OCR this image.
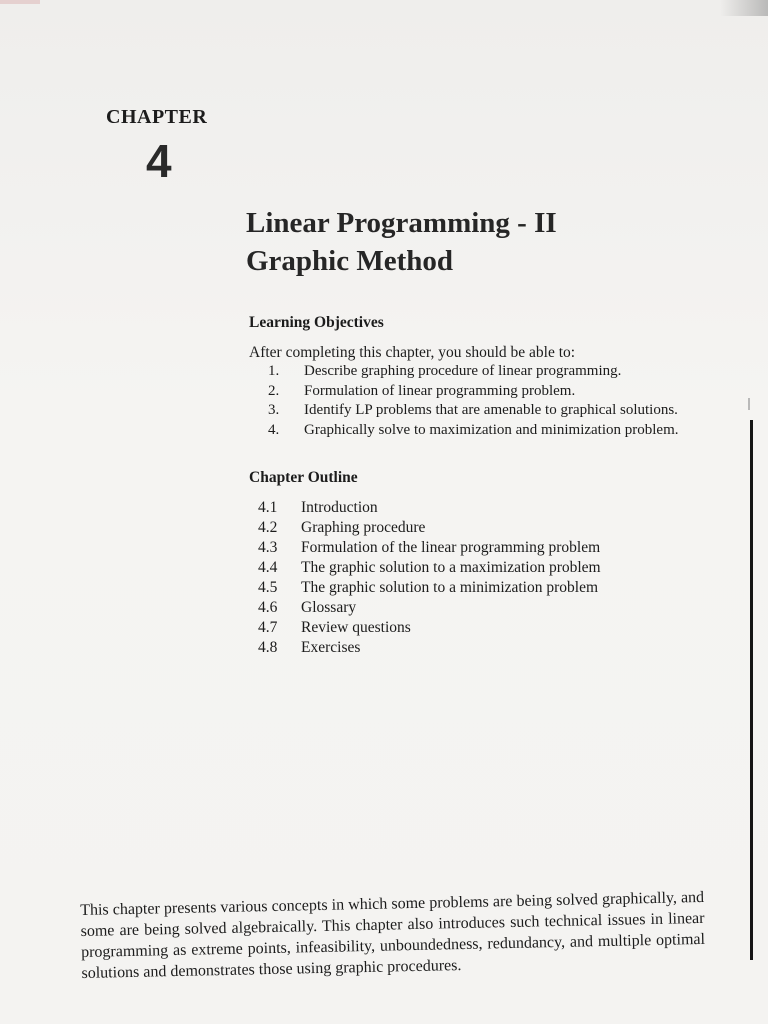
CHAPTER
4
Linear Programming - II
Graphic Method
Learning Objectives
After completing this chapter, you should be able to:
1. Describe graphing procedure of linear programming.
2. Formulation of linear programming problem.
3. Identify LP problems that are amenable to graphical solutions.
4. Graphically solve to maximization and minimization problem.
Chapter Outline
4.1 Introduction
4.2 Graphing procedure
4.3 Formulation of the linear programming problem
4.4 The graphic solution to a maximization problem
4.5 The graphic solution to a minimization problem
4.6 Glossary
4.7 Review questions
4.8 Exercises

This chapter presents various concepts in which some problems are being solved graphically, and some are being solved algebraically. This chapter also introduces such technical issues in linear programming as extreme points, infeasibility, unboundedness, redundancy, and multiple optimal solutions and demonstrates those using graphic procedures.
